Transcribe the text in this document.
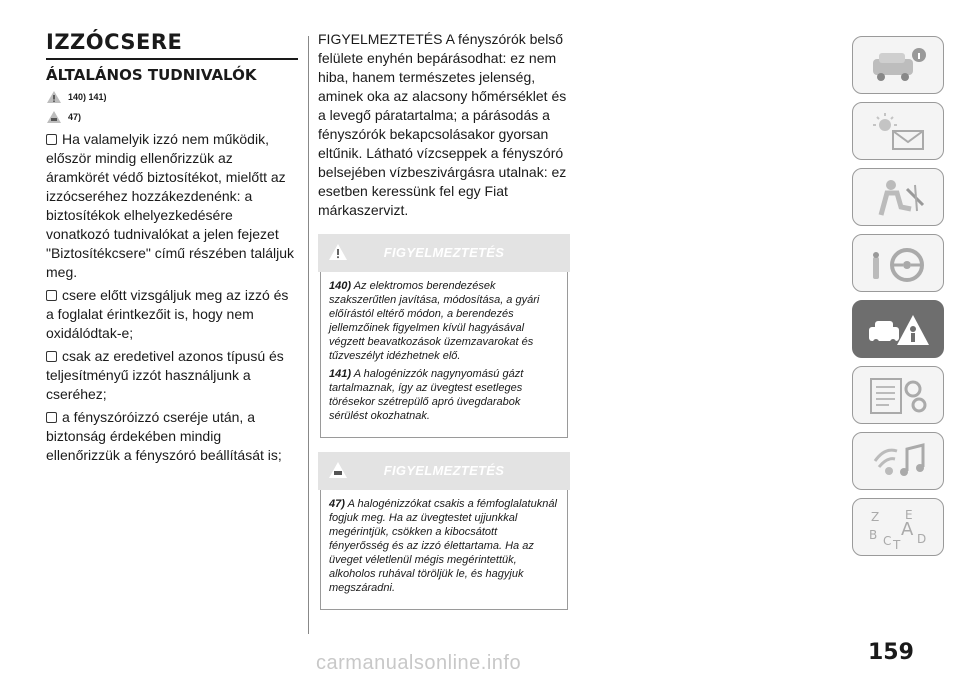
IZZÓCSERE
ÁLTALÁNOS TUDNIVALÓK
140) 141)
47)

Ha valamelyik izzó nem működik, először mindig ellenőrizzük az áramkörét védő biztosítékot, mielőtt az izzócseréhez hozzákezdenénk: a biztosítékok elhelyezkedésére vonatkozó tudnivalókat a jelen fejezet "Biztosítékcsere" című részében találjuk meg.

csere előtt vizsgáljuk meg az izzó és a foglalat érintkezőit is, hogy nem oxidálódtak-e;

csak az eredetivel azonos típusú és teljesítményű izzót használjunk a cseréhez;

a fényszóróizzó cseréje után, a biztonság érdekében mindig ellenőrizzük a fényszóró beállítását is;

FIGYELMEZTETÉS A fényszórók belső felülete enyhén bepárásodhat: ez nem hiba, hanem természetes jelenség, aminek oka az alacsony hőmérséklet és a levegő páratartalma; a párásodás a fényszórók bekapcsolásakor gyorsan eltűnik. Látható vízcseppek a fényszóró belsejében vízbeszivárgásra utalnak: ez esetben keressünk fel egy Fiat márkaszervizt.

FIGYELMEZTETÉS

140) Az elektromos berendezések szakszerűtlen javítása, módosítása, a gyári előírástól eltérő módon, a berendezés jellemzőinek figyelmen kívül hagyásával végzett beavatkozások üzemzavarokat és tűzveszélyt idézhetnek elő.

141) A halogénizzók nagynyomású gázt tartalmaznak, így az üvegtest esetleges törésekor szétrepülő apró üvegdarabok sérülést okozhatnak.

FIGYELMEZTETÉS

47) A halogénizzókat csakis a fémfoglalatuknál fogjuk meg. Ha az üvegtestet ujjunkkal megérintjük, csökken a kibocsátott fényerősség és az izzó élettartama. Ha az üveget véletlenül mégis megérintettük, alkoholos ruhával töröljük le, és hagyjuk megszáradni.

Z E
B A
C T D
159
carmanualsonline.info
